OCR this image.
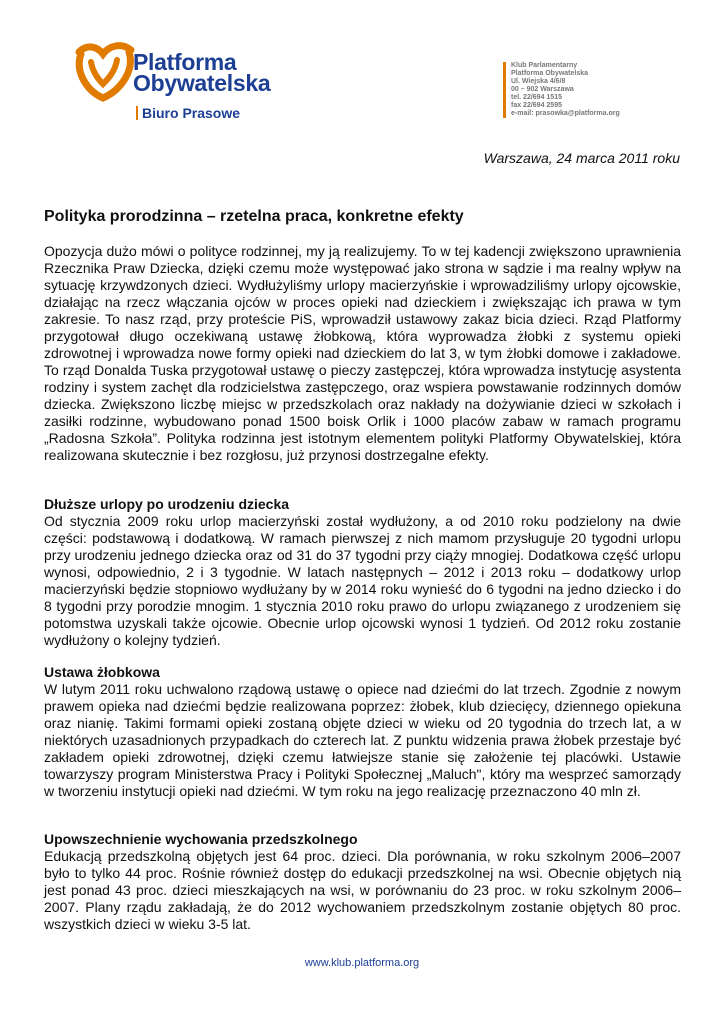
Platforma
Obywatelska
Biuro Prasowe
Klub Parlamentarny
Platforma Obywatelska
Ul. Wiejska 4/6/8
00 – 902 Warszawa
tel. 22/694 1515
fax 22/694 2595
e-mail: prasowka@platforma.org
Warszawa, 24 marca 2011 roku
Polityka prorodzinna – rzetelna praca, konkretne efekty

Opozycja dużo mówi o polityce rodzinnej, my ją realizujemy. To w tej kadencji zwiększono uprawnienia Rzecznika Praw Dziecka, dzięki czemu może występować jako strona w sądzie i ma realny wpływ na sytuację krzywdzonych dzieci. Wydłużyliśmy urlopy macierzyńskie i wprowadziliśmy urlopy ojcowskie, działając na rzecz włączania ojców w proces opieki nad dzieckiem i zwiększając ich prawa w tym zakresie. To nasz rząd, przy proteście PiS, wprowadził ustawowy zakaz bicia dzieci. Rząd Platformy przygotował długo oczekiwaną ustawę żłobkową, która wyprowadza żłobki z systemu opieki zdrowotnej i wprowadza nowe formy opieki nad dzieckiem do lat 3, w tym żłobki domowe i zakładowe. To rząd Donalda Tuska przygotował ustawę o pieczy zastępczej, która wprowadza instytucję asystenta rodziny i system zachęt dla rodzicielstwa zastępczego, oraz wspiera powstawanie rodzinnych domów dziecka. Zwiększono liczbę miejsc w przedszkolach oraz nakłady na dożywianie dzieci w szkołach i zasiłki rodzinne, wybudowano ponad 1500 boisk Orlik i 1000 placów zabaw w ramach programu „Radosna Szkoła”. Polityka rodzinna jest istotnym elementem polityki Platformy Obywatelskiej, która realizowana skutecznie i bez rozgłosu, już przynosi dostrzegalne efekty.

Dłuższe urlopy po urodzeniu dziecka

Od stycznia 2009 roku urlop macierzyński został wydłużony, a od 2010 roku podzielony na dwie części: podstawową i dodatkową. W ramach pierwszej z nich mamom przysługuje 20 tygodni urlopu przy urodzeniu jednego dziecka oraz od 31 do 37 tygodni przy ciąży mnogiej. Dodatkowa część urlopu wynosi, odpowiednio, 2 i 3 tygodnie. W latach następnych – 2012 i 2013 roku – dodatkowy urlop macierzyński będzie stopniowo wydłużany by w 2014 roku wynieść do 6 tygodni na jedno dziecko i do 8 tygodni przy porodzie mnogim. 1 stycznia 2010 roku prawo do urlopu związanego z urodzeniem się potomstwa uzyskali także ojcowie. Obecnie urlop ojcowski wynosi 1 tydzień. Od 2012 roku zostanie wydłużony o kolejny tydzień.

Ustawa żłobkowa

W lutym 2011 roku uchwalono rządową ustawę o opiece nad dziećmi do lat trzech. Zgodnie z nowym prawem opieka nad dziećmi będzie realizowana poprzez: żłobek, klub dziecięcy, dziennego opiekuna oraz nianię. Takimi formami opieki zostaną objęte dzieci w wieku od 20 tygodnia do trzech lat, a w niektórych uzasadnionych przypadkach do czterech lat. Z punktu widzenia prawa żłobek przestaje być zakładem opieki zdrowotnej, dzięki czemu łatwiejsze stanie się założenie tej placówki. Ustawie towarzyszy program Ministerstwa Pracy i Polityki Społecznej „Maluch", który ma wesprzeć samorządy w tworzeniu instytucji opieki nad dziećmi. W tym roku na jego realizację przeznaczono 40 mln zł.

Upowszechnienie wychowania przedszkolnego

Edukacją przedszkolną objętych jest 64 proc. dzieci. Dla porównania, w roku szkolnym 2006–2007 było to tylko 44 proc. Rośnie również dostęp do edukacji przedszkolnej na wsi. Obecnie objętych nią jest ponad 43 proc. dzieci mieszkających na wsi, w porównaniu do 23 proc. w roku szkolnym 2006–2007. Plany rządu zakładają, że do 2012 wychowaniem przedszkolnym zostanie objętych 80 proc. wszystkich dzieci w wieku 3-5 lat.

www.klub.platforma.org
